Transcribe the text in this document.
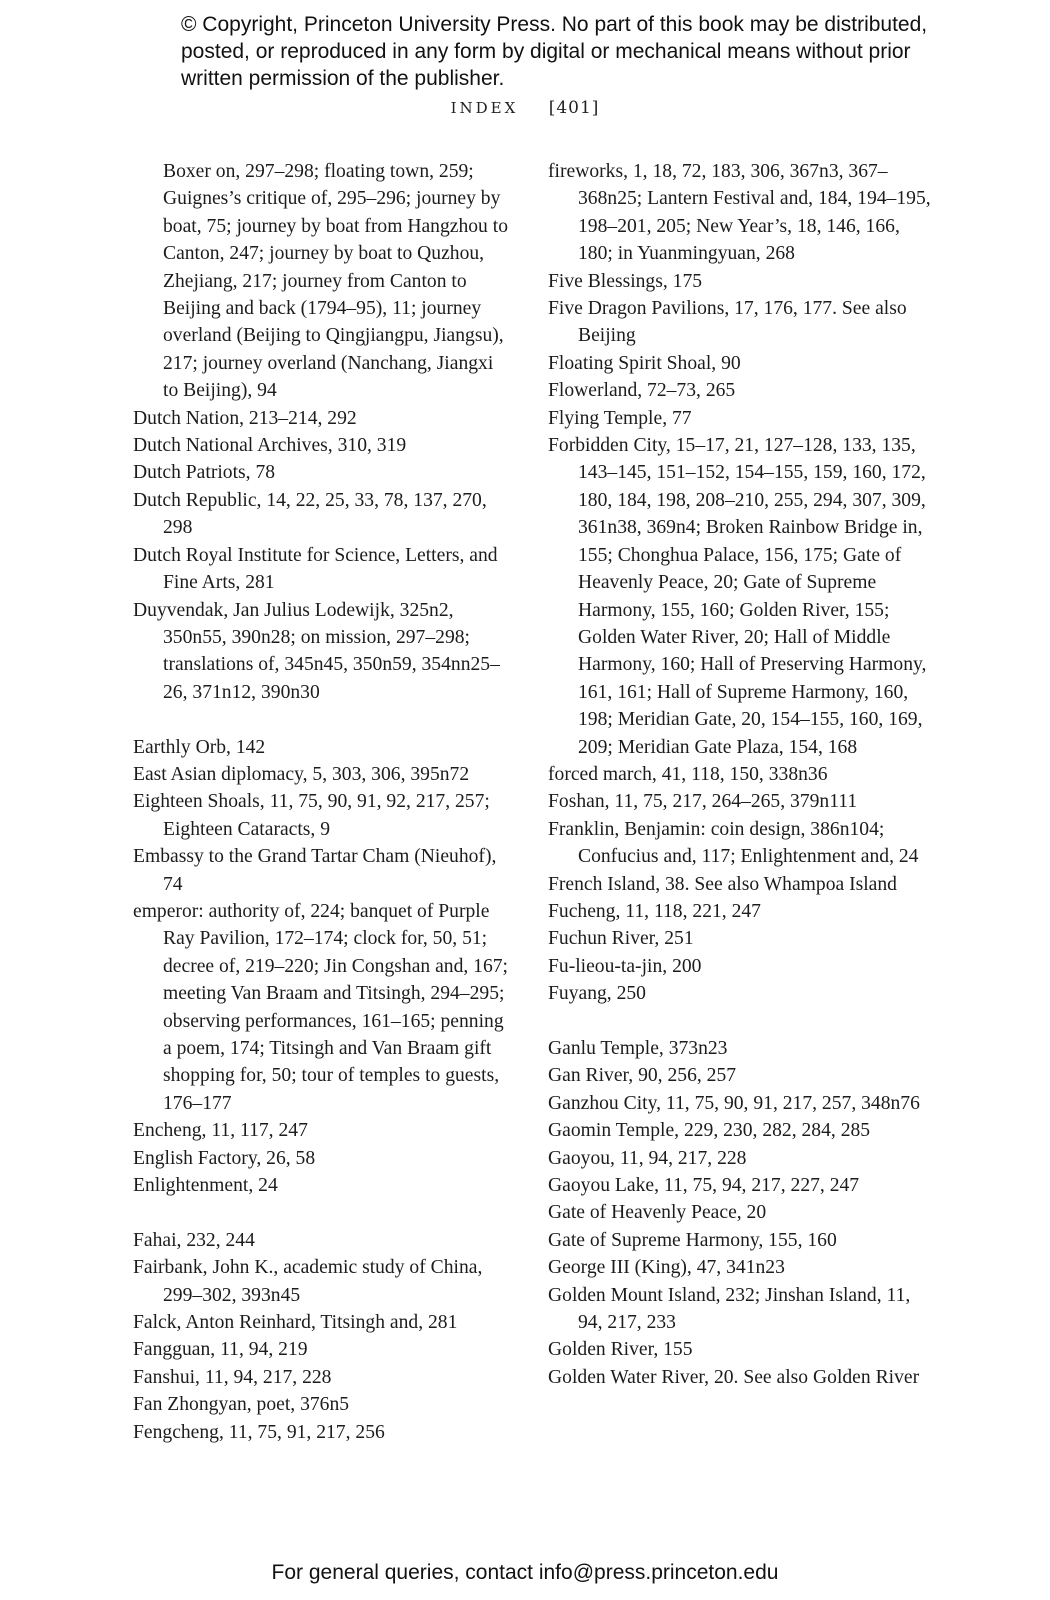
© Copyright, Princeton University Press. No part of this book may be distributed, posted, or reproduced in any form by digital or mechanical means without prior written permission of the publisher.
INDEX [401]

Boxer on, 297–298; floating town, 259; Guignes’s critique of, 295–296; journey by boat, 75; journey by boat from Hangzhou to Canton, 247; journey by boat to Quzhou, Zhejiang, 217; journey from Canton to Beijing and back (1794–95), 11; journey overland (Beijing to Qingjiangpu, Jiangsu), 217; journey overland (Nanchang, Jiangxi to Beijing), 94

Dutch Nation, 213–214, 292

Dutch National Archives, 310, 319

Dutch Patriots, 78

Dutch Republic, 14, 22, 25, 33, 78, 137, 270, 298

Dutch Royal Institute for Science, Letters, and Fine Arts, 281

Duyvendak, Jan Julius Lodewijk, 325n2, 350n55, 390n28; on mission, 297–298; translations of, 345n45, 350n59, 354nn25–26, 371n12, 390n30

Earthly Orb, 142

East Asian diplomacy, 5, 303, 306, 395n72

Eighteen Shoals, 11, 75, 90, 91, 92, 217, 257; Eighteen Cataracts, 9

Embassy to the Grand Tartar Cham (Nieuhof), 74

emperor: authority of, 224; banquet of Purple Ray Pavilion, 172–174; clock for, 50, 51; decree of, 219–220; Jin Congshan and, 167; meeting Van Braam and Titsingh, 294–295; observing performances, 161–165; penning a poem, 174; Titsingh and Van Braam gift shopping for, 50; tour of temples to guests, 176–177

Encheng, 11, 117, 247

English Factory, 26, 58

Enlightenment, 24

Fahai, 232, 244

Fairbank, John K., academic study of China, 299–302, 393n45

Falck, Anton Reinhard, Titsingh and, 281

Fangguan, 11, 94, 219

Fanshui, 11, 94, 217, 228

Fan Zhongyan, poet, 376n5

Fengcheng, 11, 75, 91, 217, 256

fireworks, 1, 18, 72, 183, 306, 367n3, 367–368n25; Lantern Festival and, 184, 194–195, 198–201, 205; New Year’s, 18, 146, 166, 180; in Yuanmingyuan, 268

Five Blessings, 175

Five Dragon Pavilions, 17, 176, 177. See also Beijing

Floating Spirit Shoal, 90

Flowerland, 72–73, 265

Flying Temple, 77

Forbidden City, 15–17, 21, 127–128, 133, 135, 143–145, 151–152, 154–155, 159, 160, 172, 180, 184, 198, 208–210, 255, 294, 307, 309, 361n38, 369n4; Broken Rainbow Bridge in, 155; Chonghua Palace, 156, 175; Gate of Heavenly Peace, 20; Gate of Supreme Harmony, 155, 160; Golden River, 155; Golden Water River, 20; Hall of Middle Harmony, 160; Hall of Preserving Harmony, 161, 161; Hall of Supreme Harmony, 160, 198; Meridian Gate, 20, 154–155, 160, 169, 209; Meridian Gate Plaza, 154, 168

forced march, 41, 118, 150, 338n36

Foshan, 11, 75, 217, 264–265, 379n111

Franklin, Benjamin: coin design, 386n104; Confucius and, 117; Enlightenment and, 24

French Island, 38. See also Whampoa Island

Fucheng, 11, 118, 221, 247

Fuchun River, 251

Fu-lieou-ta-jin, 200

Fuyang, 250

Ganlu Temple, 373n23

Gan River, 90, 256, 257

Ganzhou City, 11, 75, 90, 91, 217, 257, 348n76

Gaomin Temple, 229, 230, 282, 284, 285

Gaoyou, 11, 94, 217, 228

Gaoyou Lake, 11, 75, 94, 217, 227, 247

Gate of Heavenly Peace, 20

Gate of Supreme Harmony, 155, 160

George III (King), 47, 341n23

Golden Mount Island, 232; Jinshan Island, 11, 94, 217, 233

Golden River, 155

Golden Water River, 20. See also Golden River

For general queries, contact info@press.princeton.edu
